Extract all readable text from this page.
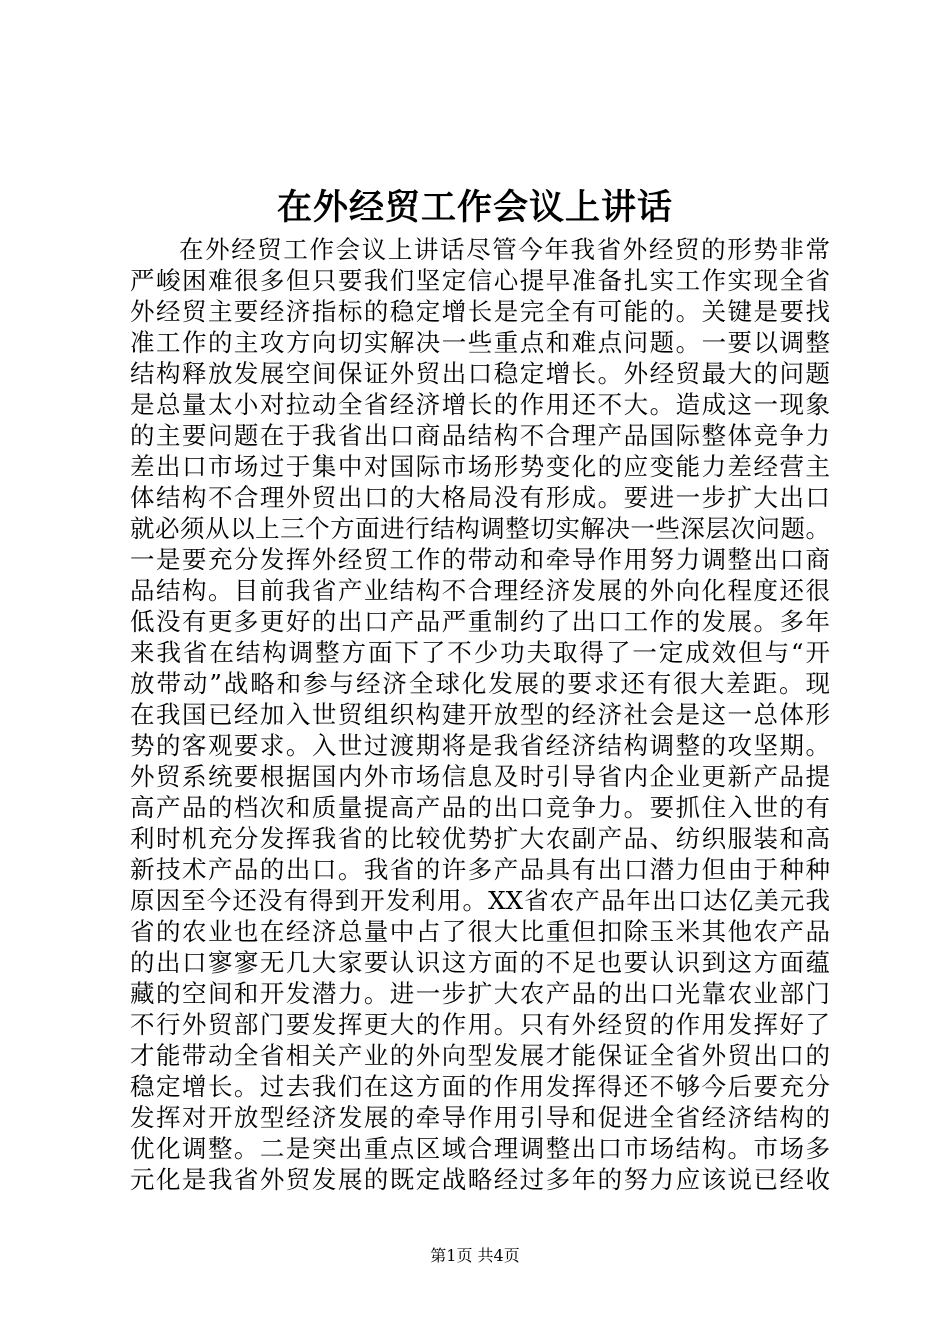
在外经贸工作会议上讲话
在外经贸工作会议上讲话尽管今年我省外经贸的形势非常
严峻困难很多但只要我们坚定信心提早准备扎实工作实现全省
外经贸主要经济指标的稳定增长是完全有可能的。关键是要找
准工作的主攻方向切实解决一些重点和难点问题。一要以调整
结构释放发展空间保证外贸出口稳定增长。外经贸最大的问题
是总量太小对拉动全省经济增长的作用还不大。造成这一现象
的主要问题在于我省出口商品结构不合理产品国际整体竞争力
差出口市场过于集中对国际市场形势变化的应变能力差经营主
体结构不合理外贸出口的大格局没有形成。要进一步扩大出口
就必须从以上三个方面进行结构调整切实解决一些深层次问题。
一是要充分发挥外经贸工作的带动和牵导作用努力调整出口商
品结构。目前我省产业结构不合理经济发展的外向化程度还很
低没有更多更好的出口产品严重制约了出口工作的发展。多年
来我省在结构调整方面下了不少功夫取得了一定成效但与“开
放带动”战略和参与经济全球化发展的要求还有很大差距。现
在我国已经加入世贸组织构建开放型的经济社会是这一总体形
势的客观要求。入世过渡期将是我省经济结构调整的攻坚期。
外贸系统要根据国内外市场信息及时引导省内企业更新产品提
高产品的档次和质量提高产品的出口竞争力。要抓住入世的有
利时机充分发挥我省的比较优势扩大农副产品、纺织服装和高
新技术产品的出口。我省的许多产品具有出口潜力但由于种种
原因至今还没有得到开发利用。XX省农产品年出口达亿美元我
省的农业也在经济总量中占了很大比重但扣除玉米其他农产品
的出口寥寥无几大家要认识这方面的不足也要认识到这方面蕴
藏的空间和开发潜力。进一步扩大农产品的出口光靠农业部门
不行外贸部门要发挥更大的作用。只有外经贸的作用发挥好了
才能带动全省相关产业的外向型发展才能保证全省外贸出口的
稳定增长。过去我们在这方面的作用发挥得还不够今后要充分
发挥对开放型经济发展的牵导作用引导和促进全省经济结构的
优化调整。二是突出重点区域合理调整出口市场结构。市场多
元化是我省外贸发展的既定战略经过多年的努力应该说已经收
第1页 共4页
